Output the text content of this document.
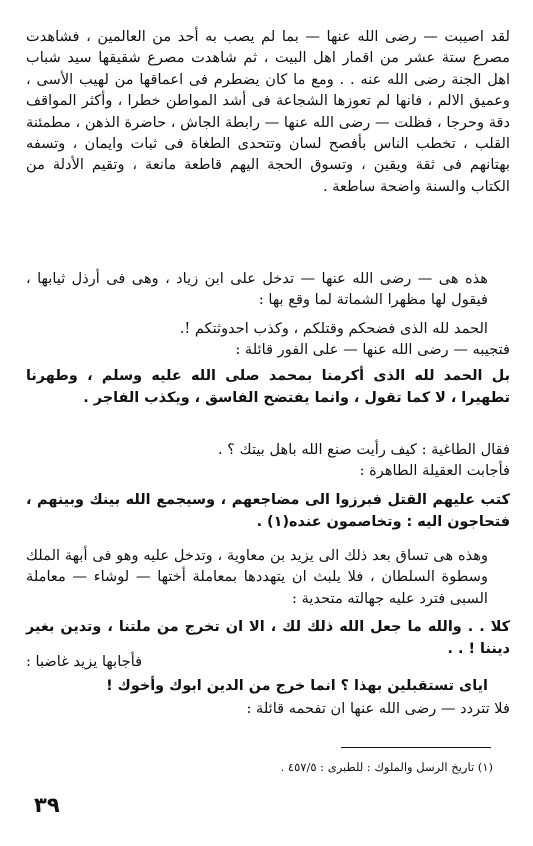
لقد اصيبت — رضى الله عنها — بما لم يصب به أحد من العالمين ، فشاهدت مصرع ستة عشر من اقمار اهل البيت ، ثم شاهدت مصرع شقيقها سيد شباب اهل الجنة رضى الله عنه . . ومع ما كان يضطرم فى اعماقها من لهيب الأسى ، وعميق الالم ، فانها لم تعوزها الشجاعة فى أشد المواطن خطرا ، وأكثر المواقف دقة وحرجا ، فظلت — رضى الله عنها — رابطة الجاش ، حاضرة الذهن ، مطمئنة القلب ، تخطب الناس بأفصح لسان وتتحدى الطغاة فى ثبات وايمان ، وتسفه بهتانهم فى ثقة ويقين ، وتسوق الحجة اليهم قاطعة مانعة ، وتقيم الأدلة من الكتاب والسنة واضحة ساطعة .

هذه هى — رضى الله عنها — تدخل على ابن زياد ، وهى فى أرذل ثيابها ، فيقول لها مظهرا الشماتة لما وقع بها :

الحمد لله الذى فضحكم وقتلكم ، وكذب احدوثتكم !.

فتجيبه — رضى الله عنها — على الفور قائلة :

بل الحمد لله الذى أكرمنا بمحمد صلى الله عليه وسلم ، وطهرنا تطهيرا ، لا كما تقول ، وانما يفتضح الفاسق ، ويكذب الفاجر .

فقال الطاغية : كيف رأيت صنع الله باهل بيتك ؟ .

فأجابت العقيلة الطاهرة :

كتب عليهم القتل فبرزوا الى مضاجعهم ، وسيجمع الله بينك وبينهم ، فتحاجون اليه : وتخاصمون عنده(١) .

وهذه هى تساق بعد ذلك الى يزيد بن معاوية ، وتدخل عليه وهو فى أبهة الملك وسطوة السلطان ، فلا يلبث ان يتهددها بمعاملة أختها — لوشاء — معاملة السبى فترد عليه جهالته متحدية :

كلا . . والله ما جعل الله ذلك لك ، الا ان تخرج من ملتنا ، وتدين بغير ديننا ! . .

فأجابها يزيد غاضبا :

اياى تستقبلين بهذا ؟ انما خرج من الدين ابوك وأخوك !

فلا تتردد — رضى الله عنها ان تفحمه قائلة :

(١) تاريخ الرسل والملوك : للطبرى : ٤٥٧/٥ .
٣٩
